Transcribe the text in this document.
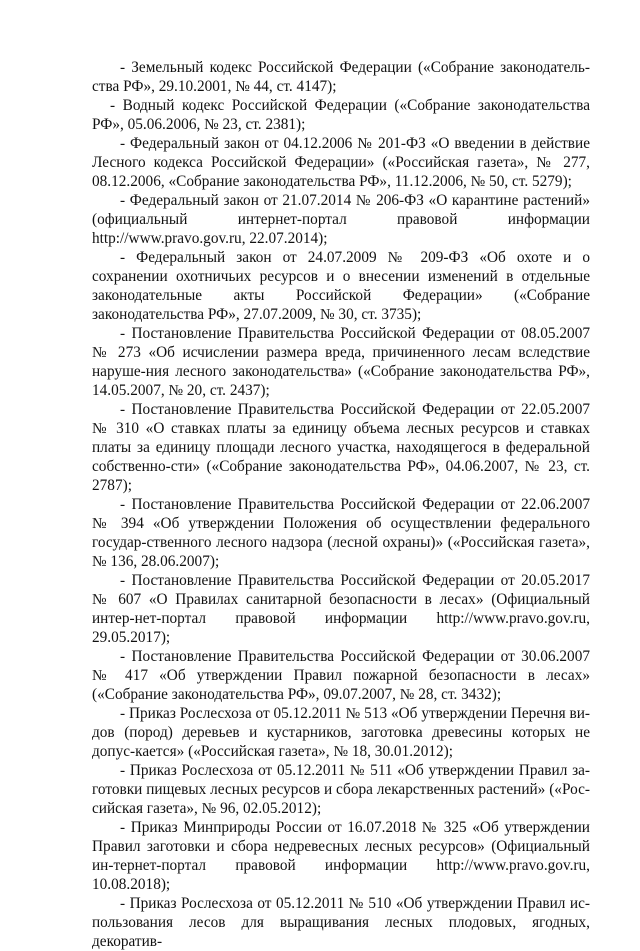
- Земельный кодекс Российской Федерации («Собрание законодатель-ства РФ», 29.10.2001, № 44, ст. 4147);

- Водный кодекс Российской Федерации («Собрание законодательства РФ», 05.06.2006, № 23, ст. 2381);

- Федеральный закон от 04.12.2006 № 201-ФЗ «О введении в действие Лесного кодекса Российской Федерации» («Российская газета», № 277, 08.12.2006, «Собрание законодательства РФ», 11.12.2006, № 50, ст. 5279);

- Федеральный закон от 21.07.2014 № 206-ФЗ «О карантине растений» (официальный интернет-портал правовой информации http://www.pravo.gov.ru, 22.07.2014);

- Федеральный закон от 24.07.2009 № 209-ФЗ «Об охоте и о сохранении охотничьих ресурсов и о внесении изменений в отдельные законодательные акты Российской Федерации» («Собрание законодательства РФ», 27.07.2009, № 30, ст. 3735);

- Постановление Правительства Российской Федерации от 08.05.2007 № 273 «Об исчислении размера вреда, причиненного лесам вследствие наруше-ния лесного законодательства» («Собрание законодательства РФ», 14.05.2007, № 20, ст. 2437);

- Постановление Правительства Российской Федерации от 22.05.2007 № 310 «О ставках платы за единицу объема лесных ресурсов и ставках платы за единицу площади лесного участка, находящегося в федеральной собственно-сти» («Собрание законодательства РФ», 04.06.2007, № 23, ст. 2787);

- Постановление Правительства Российской Федерации от 22.06.2007 № 394 «Об утверждении Положения об осуществлении федерального государ-ственного лесного надзора (лесной охраны)» («Российская газета», № 136, 28.06.2007);

- Постановление Правительства Российской Федерации от 20.05.2017 № 607 «О Правилах санитарной безопасности в лесах» (Официальный интер-нет-портал правовой информации http://www.pravo.gov.ru, 29.05.2017);

- Постановление Правительства Российской Федерации от 30.06.2007 № 417 «Об утверждении Правил пожарной безопасности в лесах» («Собрание законодательства РФ», 09.07.2007, № 28, ст. 3432);

- Приказ Рослесхоза от 05.12.2011 № 513 «Об утверждении Перечня ви-дов (пород) деревьев и кустарников, заготовка древесины которых не допус-кается» («Российская газета», № 18, 30.01.2012);

- Приказ Рослесхоза от 05.12.2011 № 511 «Об утверждении Правил за-готовки пищевых лесных ресурсов и сбора лекарственных растений» («Рос-сийская газета», № 96, 02.05.2012);

- Приказ Минприроды России от 16.07.2018 № 325 «Об утверждении Правил заготовки и сбора недревесных лесных ресурсов» (Официальный ин-тернет-портал правовой информации http://www.pravo.gov.ru, 10.08.2018);

- Приказ Рослесхоза от 05.12.2011 № 510 «Об утверждении Правил ис-пользования лесов для выращивания лесных плодовых, ягодных, декоратив-
